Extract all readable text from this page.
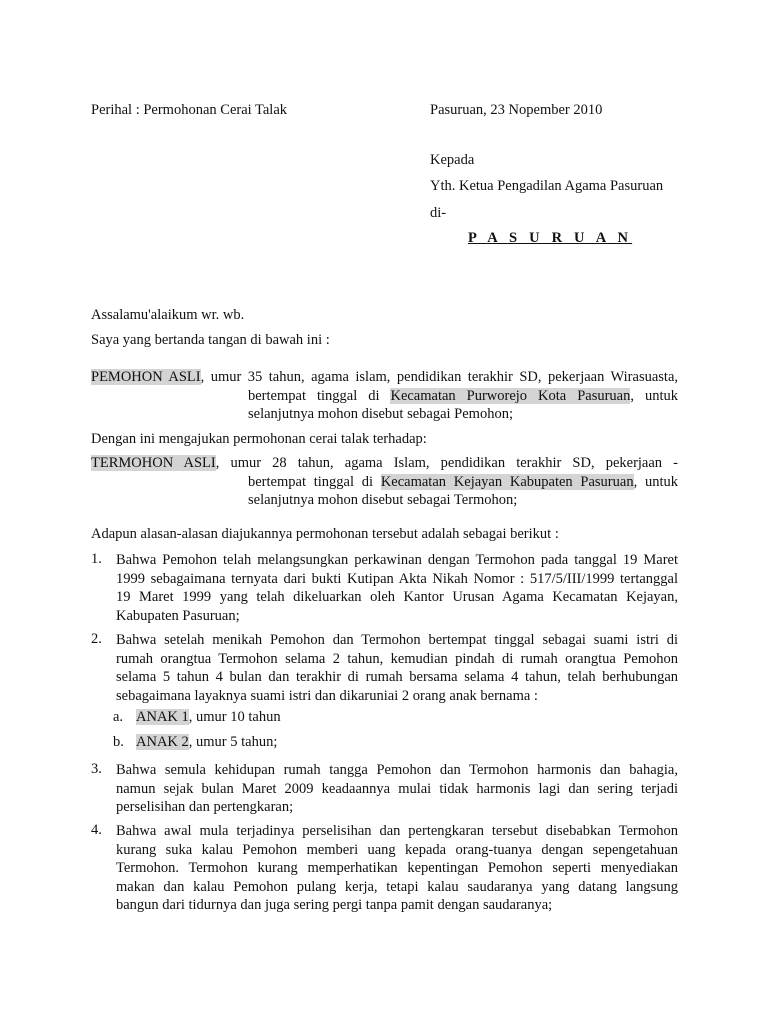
Perihal : Permohonan Cerai Talak	Pasuruan, 23 Nopember 2010
Kepada
Yth. Ketua Pengadilan Agama Pasuruan
di-
P A S U R U A N
Assalamu'alaikum wr. wb.
Saya yang bertanda tangan di bawah ini :
PEMOHON ASLI, umur 35 tahun, agama islam, pendidikan terakhir SD, pekerjaan Wirasuasta,
bertempat tinggal di Kecamatan Purworejo Kota Pasuruan, untuk
selanjutnya mohon disebut sebagai Pemohon;
Dengan ini mengajukan permohonan cerai talak terhadap:
TERMOHON ASLI, umur 28 tahun, agama Islam, pendidikan terakhir SD, pekerjaan -
bertempat tinggal di Kecamatan Kejayan Kabupaten Pasuruan, untuk
selanjutnya mohon disebut sebagai Termohon;
Adapun alasan-alasan diajukannya permohonan tersebut adalah sebagai berikut :
1. Bahwa Pemohon telah melangsungkan perkawinan dengan Termohon pada tanggal 19 Maret
1999 sebagaimana ternyata dari bukti Kutipan Akta Nikah Nomor : 517/5/III/1999 tertanggal
19 Maret 1999 yang telah dikeluarkan oleh Kantor Urusan Agama Kecamatan Kejayan,
Kabupaten Pasuruan;
2. Bahwa setelah menikah Pemohon dan Termohon bertempat tinggal sebagai suami istri di
rumah orangtua Termohon selama 2 tahun, kemudian pindah di rumah orangtua Pemohon
selama 5 tahun 4 bulan dan terakhir di rumah bersama selama 4 tahun, telah berhubungan
sebagaimana layaknya suami istri dan dikaruniai 2 orang anak bernama :
a. ANAK 1, umur 10 tahun
b. ANAK 2, umur 5 tahun;
3. Bahwa semula kehidupan rumah tangga Pemohon dan Termohon harmonis dan bahagia,
namun sejak bulan Maret 2009 keadaannya mulai tidak harmonis lagi dan sering terjadi
perselisihan dan pertengkaran;
4. Bahwa awal mula terjadinya perselisihan dan pertengkaran tersebut disebabkan Termohon
kurang suka kalau Pemohon memberi uang kepada orang-tuanya dengan sepengetahuan
Termohon. Termohon kurang memperhatikan kepentingan Pemohon seperti menyediakan
makan dan kalau Pemohon pulang kerja, tetapi kalau saudaranya yang datang langsung
bangun dari tidurnya dan juga sering pergi tanpa pamit dengan saudaranya;
